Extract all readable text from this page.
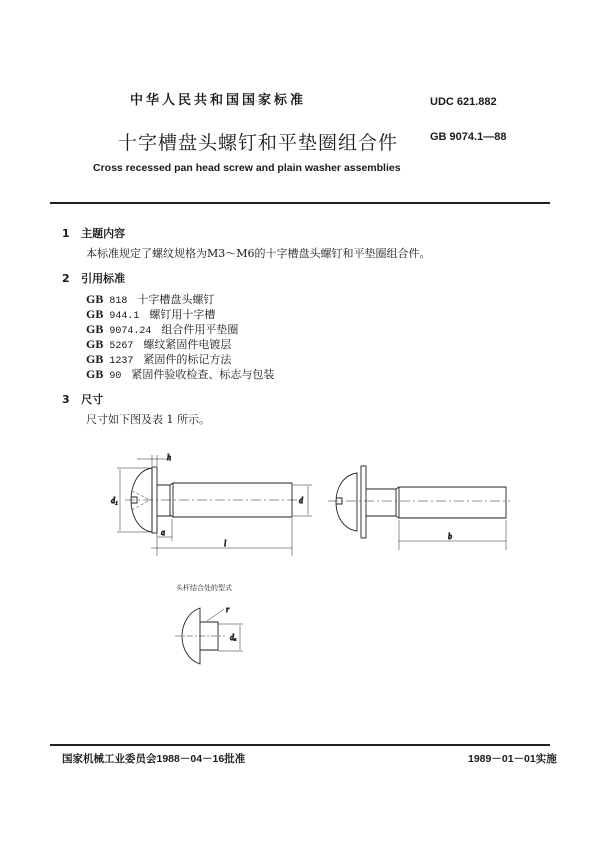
中华人民共和国国家标准	UDC 621.882
十字槽盘头螺钉和平垫圈组合件	GB 9074.1—88
Cross recessed pan head screw and plain washer assemblies
1 主题内容
本标准规定了螺纹规格为M3～M6的十字槽盘头螺钉和平垫圈组合件。
2 引用标准
GB 818 十字槽盘头螺钉
GB 944.1 螺钉用十字槽
GB 9074.24 组合件用平垫圈
GB 5267 螺纹紧固件电镀层
GB 1237 紧固件的标记方法
GB 90 紧固件验收检查、标志与包装
3 尺寸
尺寸如下图及表 1 所示。
h
d₁	d
a
l
b
r
dₐ
头杆结合处的型式
国家机械工业委员会1988－04－16批准	1989－01－01实施
